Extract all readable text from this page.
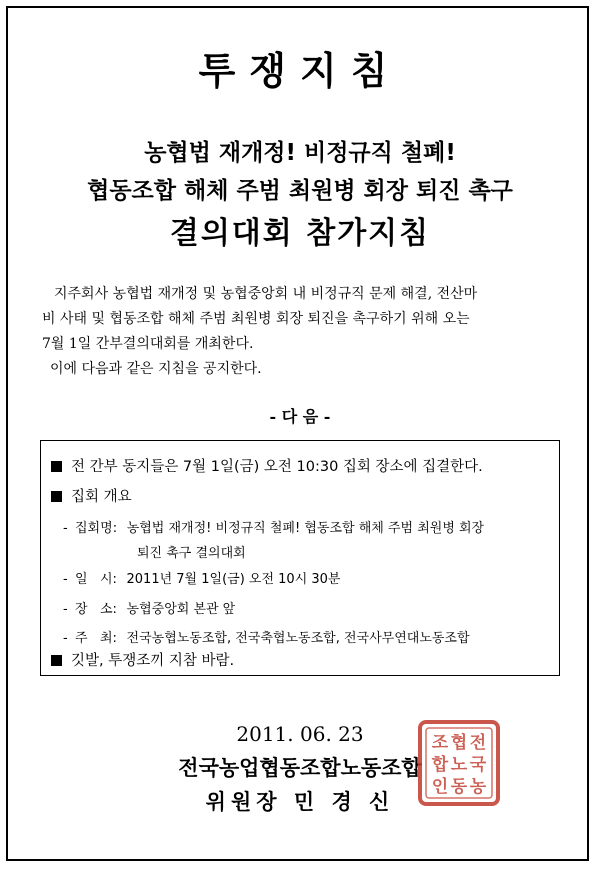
투쟁지침
농협법 재개정! 비정규직 철폐!
협동조합 해체 주범 최원병 회장 퇴진 촉구
결의대회 참가지침

지주회사 농협법 재개정 및 농협중앙회 내 비정규직 문제 해결, 전산마

비 사태 및 협동조합 해체 주범 최원병 회장 퇴진을 촉구하기 위해 오는

7월 1일 간부결의대회를 개최한다.

이에 다음과 같은 지침을 공지한다.

- 다 음 -
전 간부 동지들은 7월 1일(금) 오전 10:30 집회 장소에 집결한다.
집회 개요
- 집회명: 농협법 재개정! 비정규직 철폐! 협동조합 해체 주범 최원병 회장
퇴진 촉구 결의대회
- 일   시: 2011년 7월 1일(금) 오전 10시 30분
- 장   소: 농협중앙회 본관 앞
- 주   최: 전국농협노동조합, 전국축협노동조합, 전국사무연대노동조합
깃발, 투쟁조끼 지참 바람.
2011. 06. 23
전국농업협동조합노동조합
위원장 민 경 신
전
국
농
협
노
동
조
합
인
